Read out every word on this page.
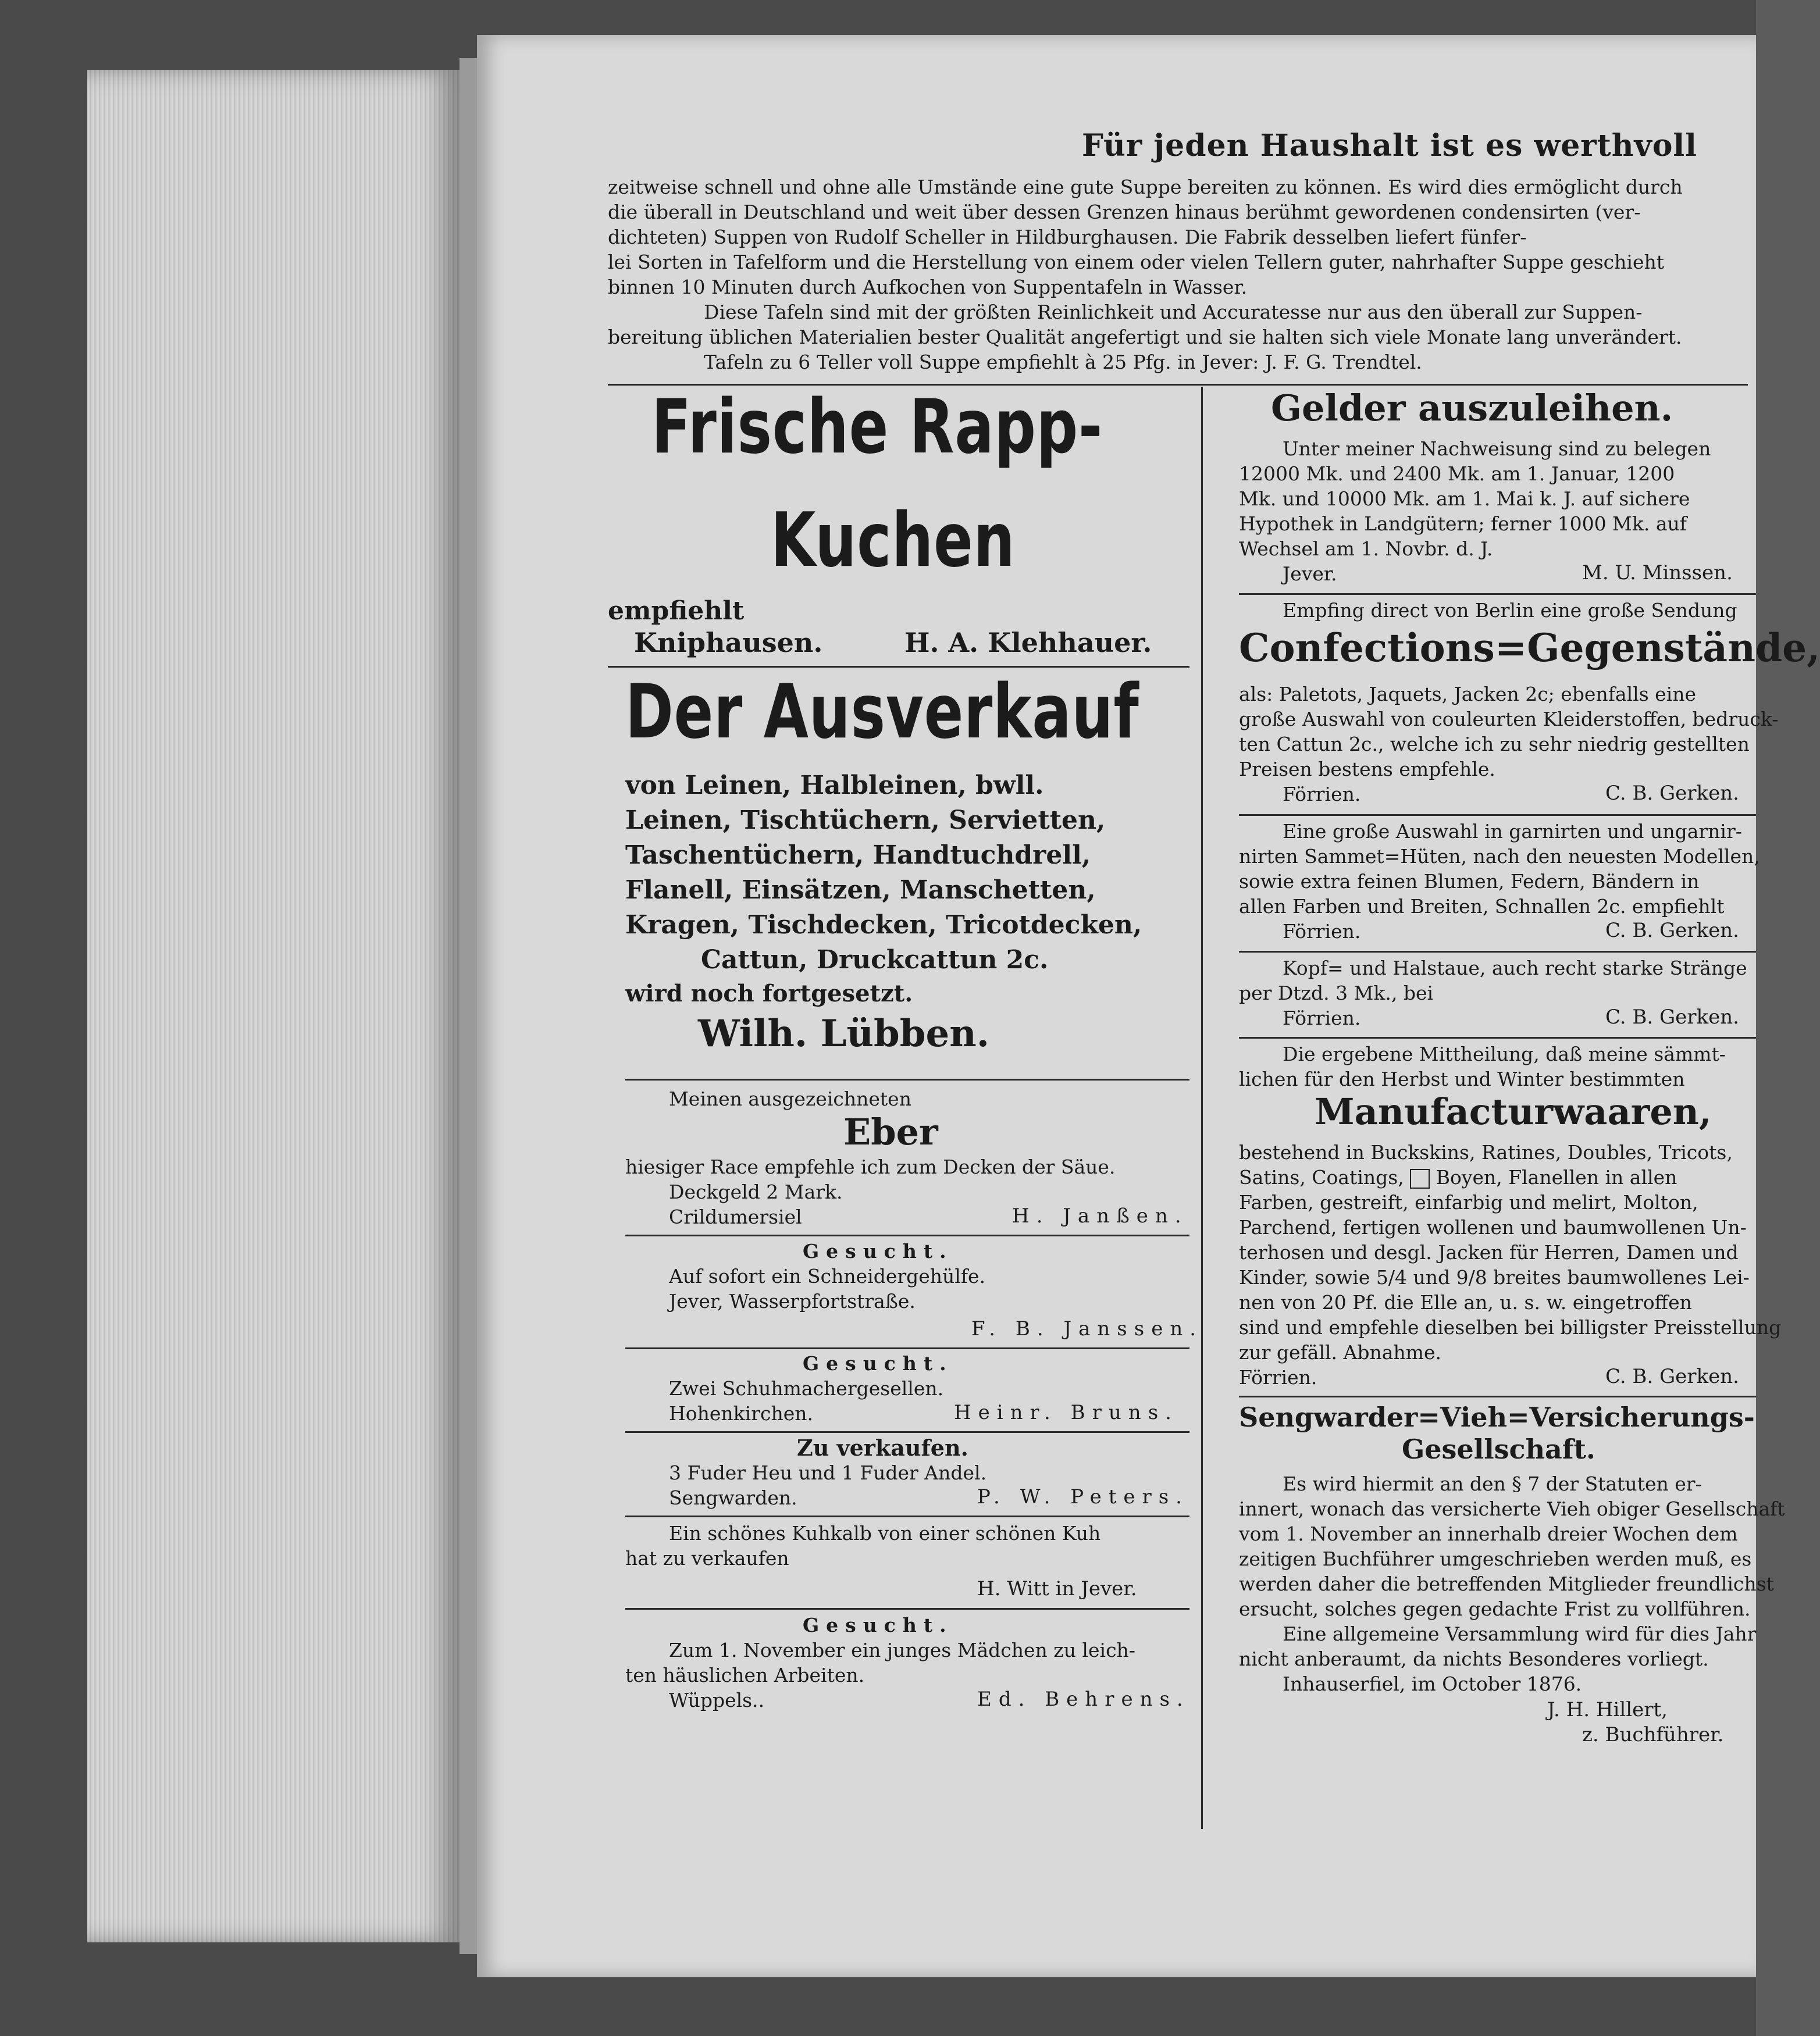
Für jeden Haushalt ist es werthvoll
zeitweise schnell und ohne alle Umstände eine gute Suppe bereiten zu können. Es wird dies ermöglicht durch
die überall in Deutschland und weit über dessen Grenzen hinaus berühmt gewordenen condensirten (ver-
dichteten) Suppen von Rudolf Scheller in Hildburghausen. Die Fabrik desselben liefert fünfer-
lei Sorten in Tafelform und die Herstellung von einem oder vielen Tellern guter, nahrhafter Suppe geschieht
binnen 10 Minuten durch Aufkochen von Suppentafeln in Wasser.
Diese Tafeln sind mit der größten Reinlichkeit und Accuratesse nur aus den überall zur Suppen-
bereitung üblichen Materialien bester Qualität angefertigt und sie halten sich viele Monate lang unverändert.
Tafeln zu 6 Teller voll Suppe empfiehlt à 25 Pfg. in Jever: J. F. G. Trendtel.
Frische Rapp-
Kuchen
empfiehlt
Kniphausen.	H. A. Klehhauer.
Der Ausverkauf
von Leinen, Halbleinen, bwll.
Leinen, Tischtüchern, Servietten,
Taschentüchern, Handtuchdrell,
Flanell, Einsätzen, Manschetten,
Kragen, Tischdecken, Tricotdecken,
Cattun, Druckcattun 2c.
wird noch fortgesetzt.
Wilh. Lübben.
Meinen ausgezeichneten
Eber
hiesiger Race empfehle ich zum Decken der Säue.
Deckgeld 2 Mark.
Crildumersiel	H. Janßen.
Gesucht.
Auf sofort ein Schneidergehülfe.
Jever, Wasserpfortstraße.
F. B. Janssen.
Gesucht.
Zwei Schuhmachergesellen.
Hohenkirchen.	Heinr. Bruns.
Zu verkaufen.
3 Fuder Heu und 1 Fuder Andel.
Sengwarden.	P. W. Peters.
Ein schönes Kuhkalb von einer schönen Kuh
hat zu verkaufen
H. Witt in Jever.
Gesucht.
Zum 1. November ein junges Mädchen zu leich-
ten häuslichen Arbeiten.
Wüppels..	Ed. Behrens.
Gelder auszuleihen.
Unter meiner Nachweisung sind zu belegen
12000 Mk. und 2400 Mk. am 1. Januar, 1200
Mk. und 10000 Mk. am 1. Mai k. J. auf sichere
Hypothek in Landgütern; ferner 1000 Mk. auf
Wechsel am 1. Novbr. d. J.
Jever.	M. U. Minssen.
Empfing direct von Berlin eine große Sendung
Confections=Gegenstände,
als: Paletots, Jaquets, Jacken 2c; ebenfalls eine
große Auswahl von couleurten Kleiderstoffen, bedruck-
ten Cattun 2c., welche ich zu sehr niedrig gestellten
Preisen bestens empfehle.
Förrien.	C. B. Gerken.
Eine große Auswahl in garnirten und ungarnir-
nirten Sammet=Hüten, nach den neuesten Modellen,
sowie extra feinen Blumen, Federn, Bändern in
allen Farben und Breiten, Schnallen 2c. empfiehlt
Förrien.	C. B. Gerken.
Kopf= und Halstaue, auch recht starke Stränge
per Dtzd. 3 Mk., bei
Förrien.	C. B. Gerken.
Die ergebene Mittheilung, daß meine sämmt-
lichen für den Herbst und Winter bestimmten
Manufacturwaaren,
bestehend in Buckskins, Ratines, Doubles, Tricots,
Satins, Coatings, Boyen, Flanellen in allen
Farben, gestreift, einfarbig und melirt, Molton,
Parchend, fertigen wollenen und baumwollenen Un-
terhosen und desgl. Jacken für Herren, Damen und
Kinder, sowie 5/4 und 9/8 breites baumwollenes Lei-
nen von 20 Pf. die Elle an, u. s. w. eingetroffen
sind und empfehle dieselben bei billigster Preisstellung
zur gefäll. Abnahme.
Förrien.	C. B. Gerken.
Sengwarder=Vieh=Versicherungs-
Gesellschaft.
Es wird hiermit an den § 7 der Statuten er-
innert, wonach das versicherte Vieh obiger Gesellschaft
vom 1. November an innerhalb dreier Wochen dem
zeitigen Buchführer umgeschrieben werden muß, es
werden daher die betreffenden Mitglieder freundlichst
ersucht, solches gegen gedachte Frist zu vollführen.
Eine allgemeine Versammlung wird für dies Jahr
nicht anberaumt, da nichts Besonderes vorliegt.
Inhauserfiel, im October 1876.
J. H. Hillert,
z. Buchführer.
